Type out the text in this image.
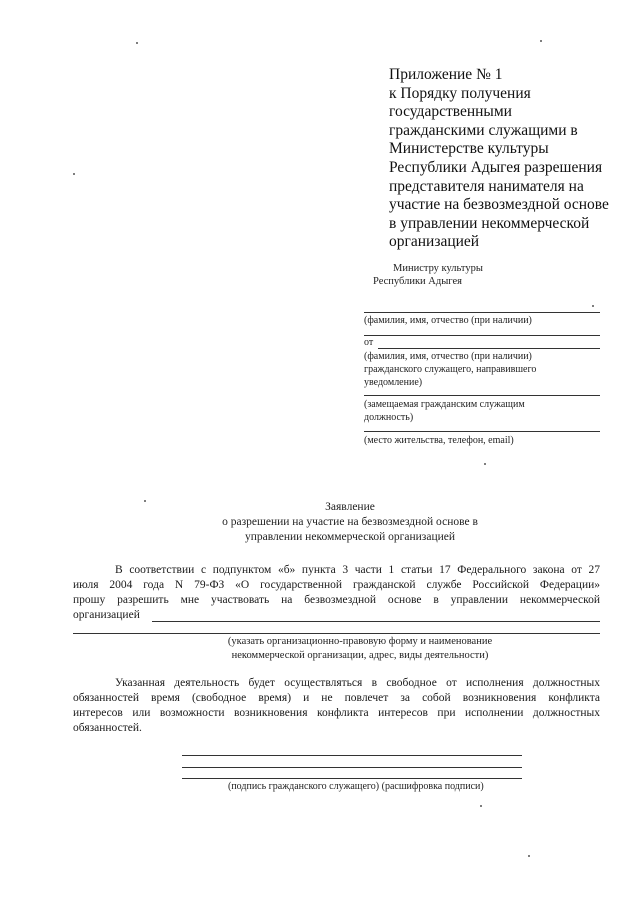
Приложение № 1
к Порядку получения
государственными
гражданскими служащими в
Министерстве культуры
Республики Адыгея разрешения
представителя нанимателя на
участие на безвозмездной основе
в управлении некоммерческой
организацией
Министру культуры
Республики Адыгея
(фамилия, имя, отчество (при наличии)
от
(фамилия, имя, отчество (при наличии)
гражданского служащего, направившего
уведомление)
(замещаемая гражданским служащим
должность)
(место жительства, телефон, email)
Заявление
о разрешении на участие на безвозмездной основе в
управлении некоммерческой организацией
В соответствии с подпунктом «б» пункта 3 части 1 статьи 17 Федерального закона от 27
июля 2004 года N 79-ФЗ «О государственной гражданской службе Российской Федерации»
прошу разрешить мне участвовать на безвозмездной основе в управлении некоммерческой
организацией
(указать организационно-правовую форму и наименование
некоммерческой организации, адрес, виды деятельности)
Указанная деятельность будет осуществляться в свободное от исполнения должностных
обязанностей время (свободное время) и не повлечет за собой возникновения конфликта
интересов или возможности возникновения конфликта интересов при исполнении должностных
обязанностей.
(подпись гражданского служащего) (расшифровка подписи)
